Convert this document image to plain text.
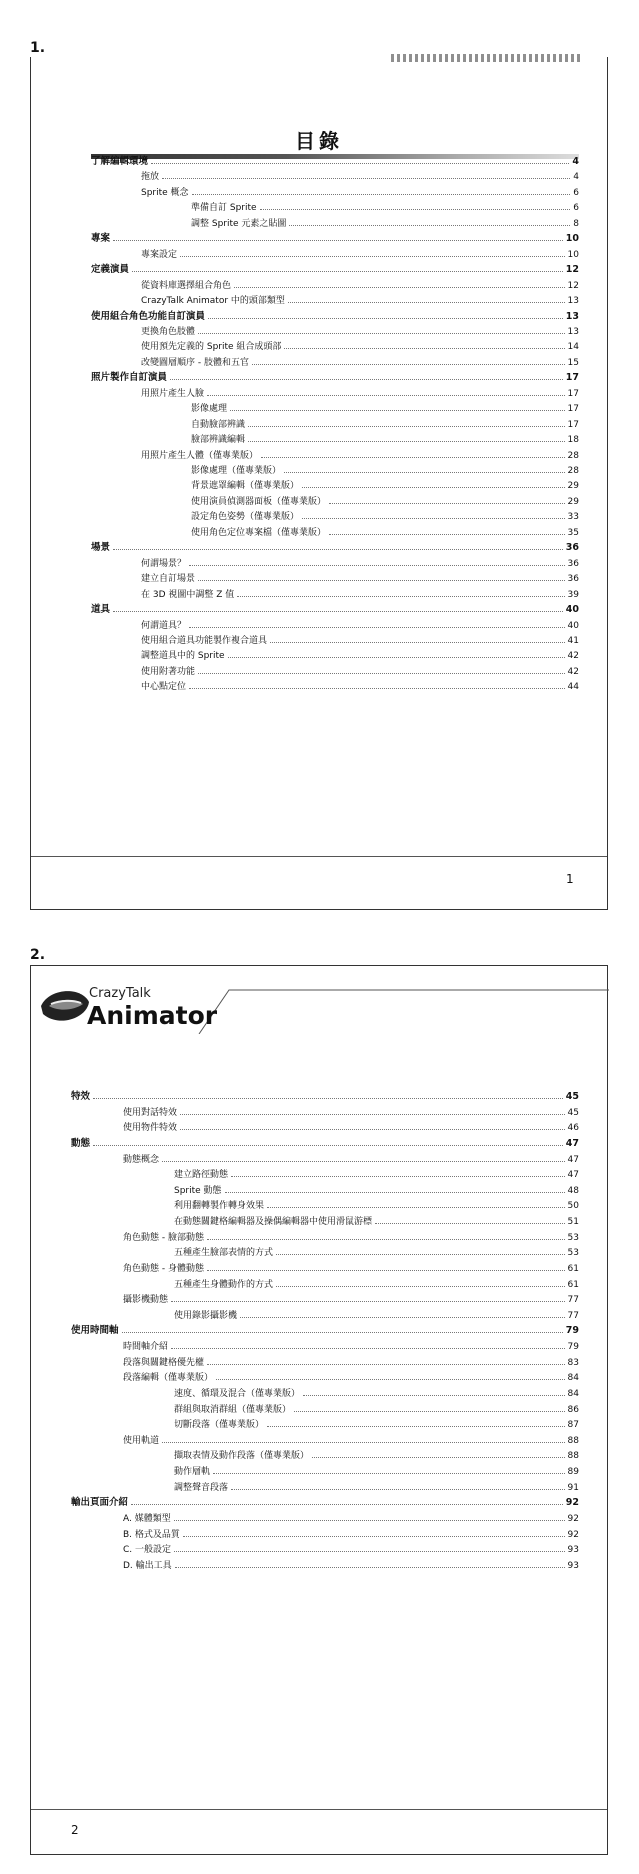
1.
目錄
了解編輯環境	4
拖放	4
Sprite 概念	6
準備自訂 Sprite	6
調整 Sprite 元素之貼圖	8
專案	10
專案設定	10
定義演員	12
從資料庫選擇組合角色	12
CrazyTalk Animator 中的頭部類型	13
使用組合角色功能自訂演員	13
更換角色肢體	13
使用預先定義的 Sprite 組合成頭部	14
改變圖層順序 - 肢體和五官	15
照片製作自訂演員	17
用照片產生人臉	17
影像處理	17
自動臉部辨識	17
臉部辨識編輯	18
用照片產生人體（僅專業版）	28
影像處理（僅專業版）	28
背景遮罩編輯（僅專業版）	29
使用演員偵測器面板（僅專業版）	29
設定角色姿勢（僅專業版）	33
使用角色定位專案檔（僅專業版）	35
場景	36
何謂場景？	36
建立自訂場景	36
在 3D 視圖中調整 Z 值	39
道具	40
何謂道具？	40
使用組合道具功能製作複合道具	41
調整道具中的 Sprite	42
使用附著功能	42
中心點定位	44
1
2.
CrazyTalk
Animator
特效	45
使用對話特效	45
使用物件特效	46
動態	47
動態概念	47
建立路徑動態	47
Sprite 動態	48
利用翻轉製作轉身效果	50
在動態關鍵格編輯器及操偶編輯器中使用滑鼠游標	51
角色動態 - 臉部動態	53
五種產生臉部表情的方式	53
角色動態 - 身體動態	61
五種產生身體動作的方式	61
攝影機動態	77
使用錄影攝影機	77
使用時間軸	79
時間軸介紹	79
段落與關鍵格優先權	83
段落編輯（僅專業版）	84
速度、循環及混合（僅專業版）	84
群組與取消群組（僅專業版）	86
切斷段落（僅專業版）	87
使用軌道	88
擷取表情及動作段落（僅專業版）	88
動作層軌	89
調整聲音段落	91
輸出頁面介紹	92
A. 媒體類型	92
B. 格式及品質	92
C. 一般設定	93
D. 輸出工具	93
2
